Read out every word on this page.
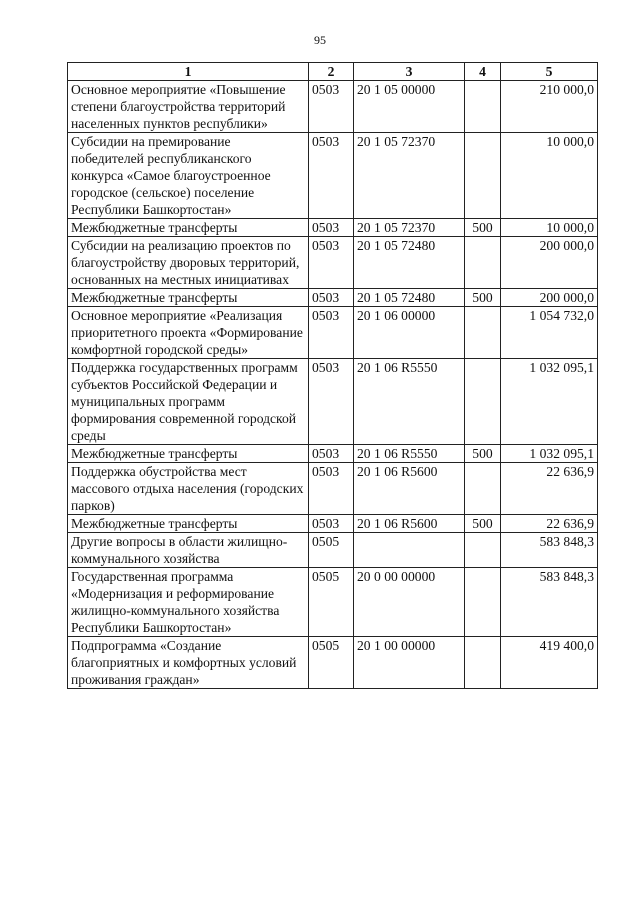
95
1	2	3	4	5
Основное мероприятие «Повышение степени благоустройства территорий населенных пунктов республики»	0503	20 1 05 00000		210 000,0
Субсидии на премирование победителей республиканского конкурса «Самое благоустроенное городское (сельское) поселение Республики Башкортостан»	0503	20 1 05 72370		10 000,0
Межбюджетные трансферты	0503	20 1 05 72370	500	10 000,0
Субсидии на реализацию проектов по благоустройству дворовых территорий, основанных на местных инициативах	0503	20 1 05 72480		200 000,0
Межбюджетные трансферты	0503	20 1 05 72480	500	200 000,0
Основное мероприятие «Реализация приоритетного проекта «Формирование комфортной городской среды»	0503	20 1 06 00000		1 054 732,0
Поддержка государственных программ субъектов Российской Федерации и муниципальных программ формирования современной городской среды	0503	20 1 06 R5550		1 032 095,1
Межбюджетные трансферты	0503	20 1 06 R5550	500	1 032 095,1
Поддержка обустройства мест массового отдыха населения (городских парков)	0503	20 1 06 R5600		22 636,9
Межбюджетные трансферты	0503	20 1 06 R5600	500	22 636,9
Другие вопросы в области жилищно-коммунального хозяйства	0505			583 848,3
Государственная программа «Модернизация и реформирование жилищно-коммунального хозяйства Республики Башкортостан»	0505	20 0 00 00000		583 848,3
Подпрограмма «Создание благоприятных и комфортных условий проживания граждан»	0505	20 1 00 00000		419 400,0
